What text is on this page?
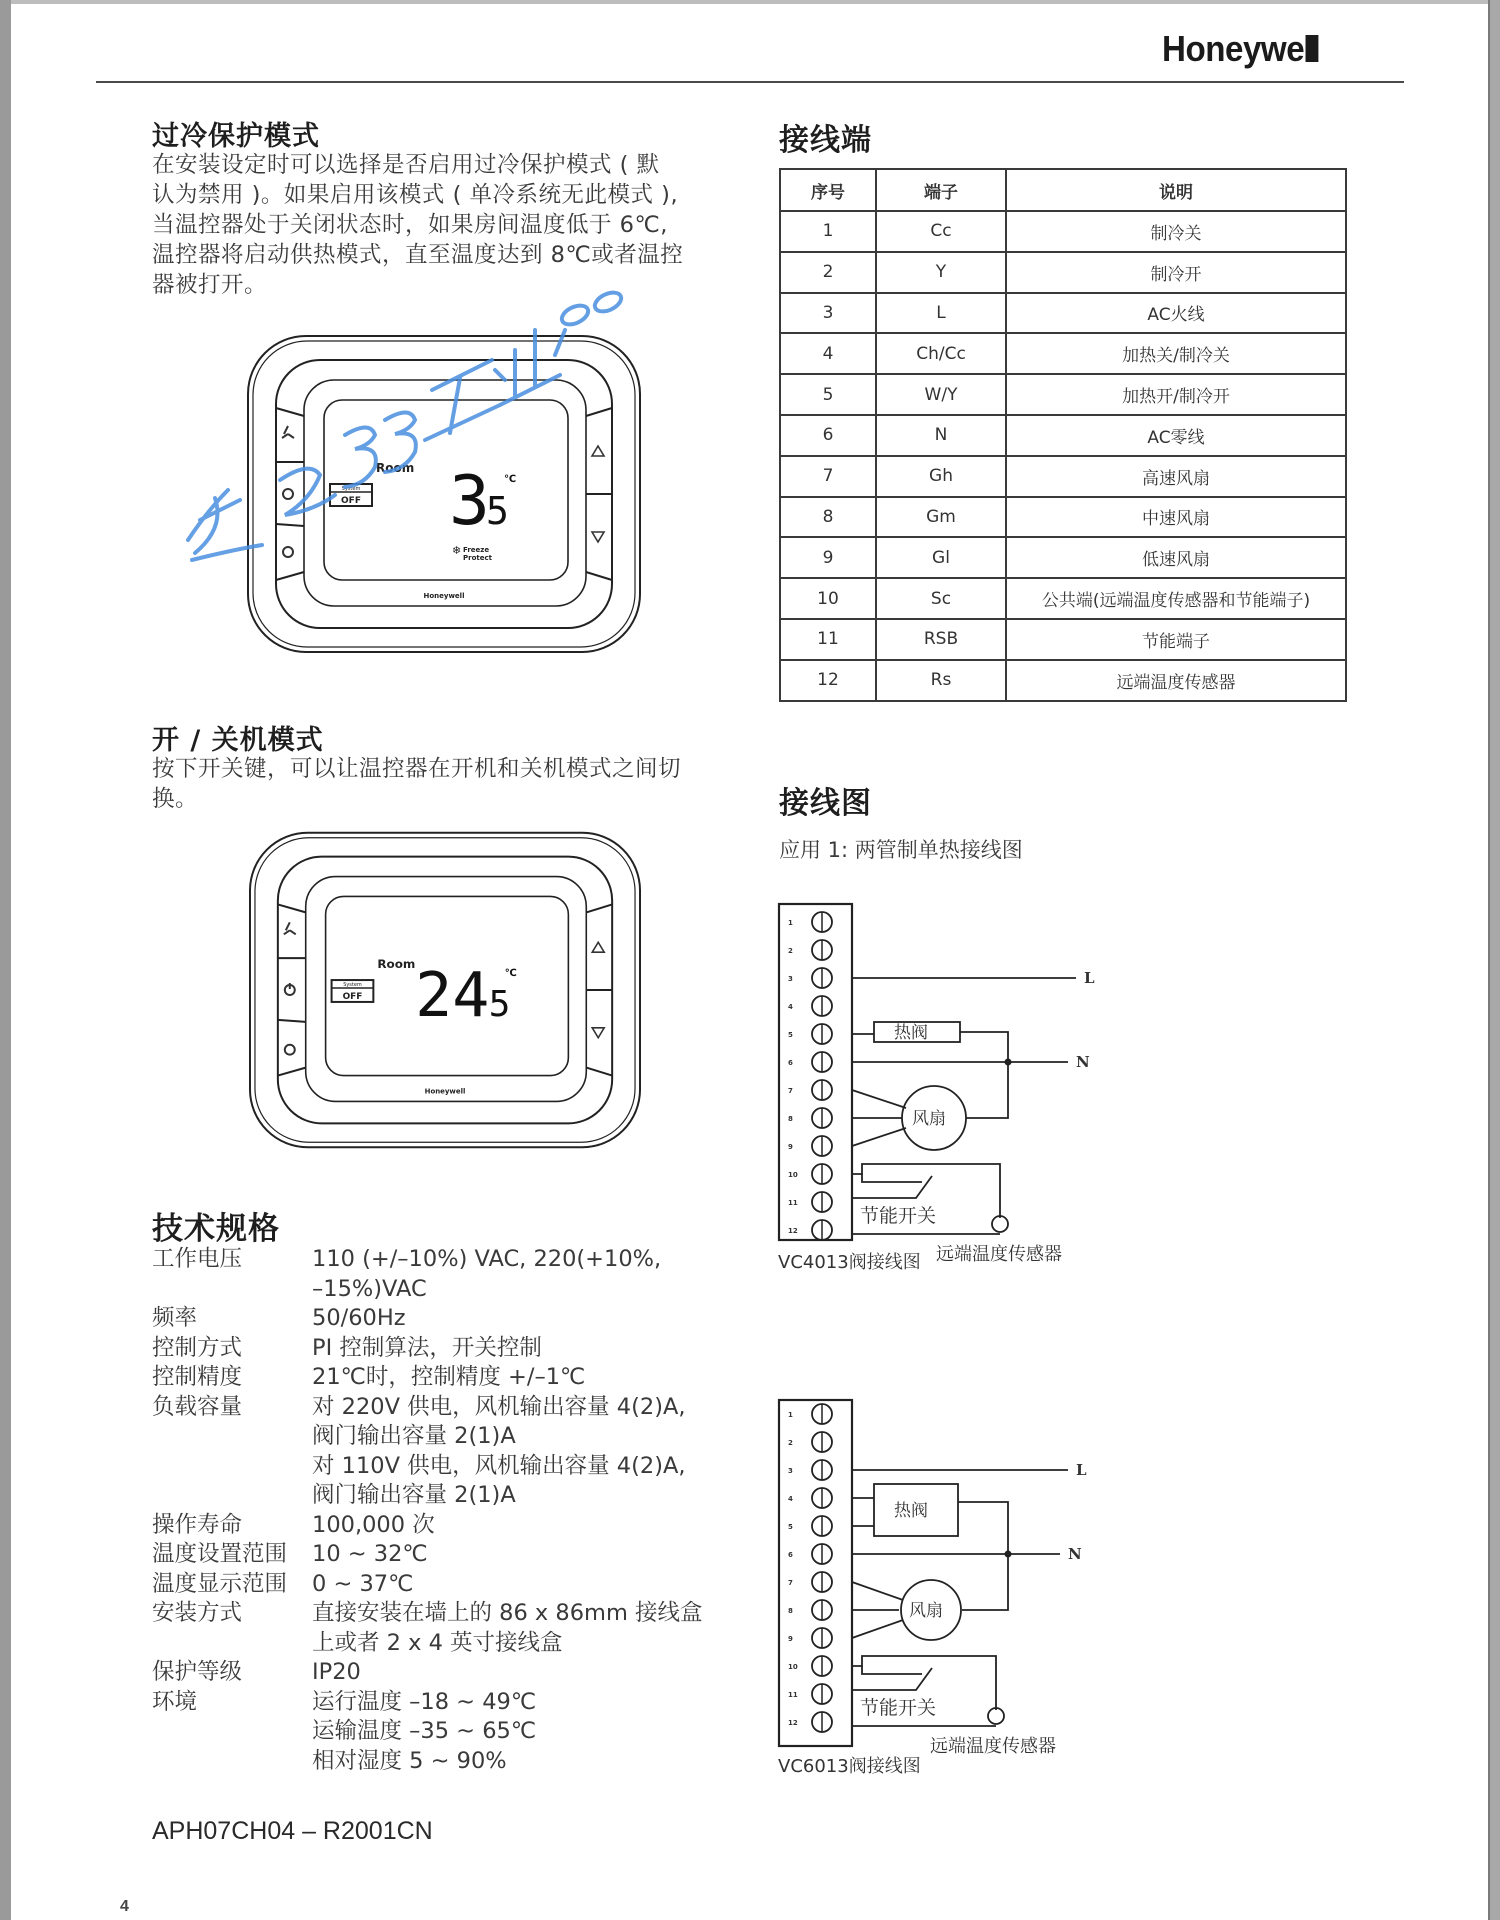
Honeywe
过冷保护模式
在安装设定时可以选择是否启用过冷保护模式 ( 默
认为禁用 )。如果启用该模式 ( 单冷系统无此模式 ),
当温控器处于关闭状态时，如果房间温度低于 6℃,
温控器将启动供热模式，直至温度达到 8℃或者温控
器被打开。
System
OFF
Room 3
5
℃
❄ Freeze
Protect
Honeywell
开 / 关机模式
按下开关键，可以让温控器在开机和关机模式之间切
换。
System
OFF
Room 24 5
℃
Honeywell
技术规格
工作电压	110 (+/–10%) VAC, 220(+10%,
–15%)VAC
频率	50/60Hz
控制方式	PI 控制算法，开关控制
控制精度	21℃时，控制精度 +/–1℃
负载容量	对 220V 供电，风机输出容量 4(2)A,
阀门输出容量 2(1)A
对 110V 供电，风机输出容量 4(2)A,
阀门输出容量 2(1)A
操作寿命	100,000 次
温度设置范围	10 ~ 32℃
温度显示范围	0 ~ 37℃
安装方式	直接安装在墙上的 86 x 86mm 接线盒
上或者 2 x 4 英寸接线盒
保护等级	IP20
环境	运行温度 –18 ~ 49℃
运输温度 –35 ~ 65℃
相对湿度 5 ~ 90%
APH07CH04 – R2001CN
4
接线端
序号	端子	说明
1	Cc	制冷关
2	Y	制冷开
3	L	AC火线
4	Ch/Cc	加热关/制冷关
5	W/Y	加热开/制冷开
6	N	AC零线
7	Gh	高速风扇
8	Gm	中速风扇
9	Gl	低速风扇
10	Sc	公共端(远端温度传感器和节能端子)
11	RSB	节能端子
12	Rs	远端温度传感器
接线图
应用 1: 两管制单热接线图
1
2
3
4
5
6
7
8
9
10
11
12
L
N
热阀
风扇
节能开关
远端温度传感器
VC4013阀接线图
1
2
3
4
5
6
7
8
9
10
11
12
L
N
热阀
风扇
节能开关
远端温度传感器
VC6013阀接线图
楚乙羽工业oo
